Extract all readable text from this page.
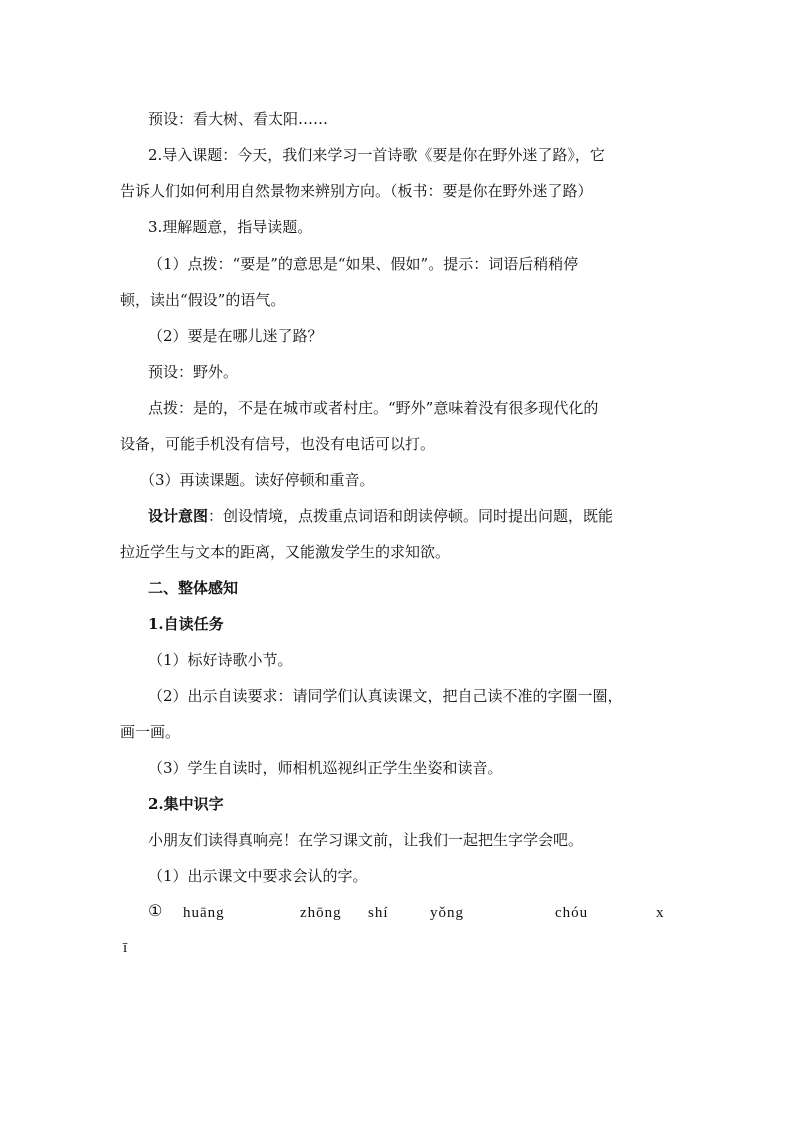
预设：看大树、看太阳……
2.导入课题：今天，我们来学习一首诗歌《要是你在野外迷了路》，它
告诉人们如何利用自然景物来辨别方向。（板书：要是你在野外迷了路）
3.理解题意，指导读题。
（1）点拨：“要是”的意思是“如果、假如”。提示：词语后稍稍停
顿，读出“假设”的语气。
（2）要是在哪儿迷了路？
预设：野外。
点拨：是的，不是在城市或者村庄。“野外”意味着没有很多现代化的
设备，可能手机没有信号，也没有电话可以打。
（3）再读课题。读好停顿和重音。
设计意图：创设情境，点拨重点词语和朗读停顿。同时提出问题，既能
拉近学生与文本的距离，又能激发学生的求知欲。
二、整体感知
1.自读任务
（1）标好诗歌小节。
（2）出示自读要求：请同学们认真读课文，把自己读不准的字圈一圈，
画一画。
（3）学生自读时，师相机巡视纠正学生坐姿和读音。
2.集中识字
小朋友们读得真响亮！在学习课文前，让我们一起把生字学会吧。
（1）出示课文中要求会认的字。
① huāng	zhōng shí	yǒng	chóu	x
ī
